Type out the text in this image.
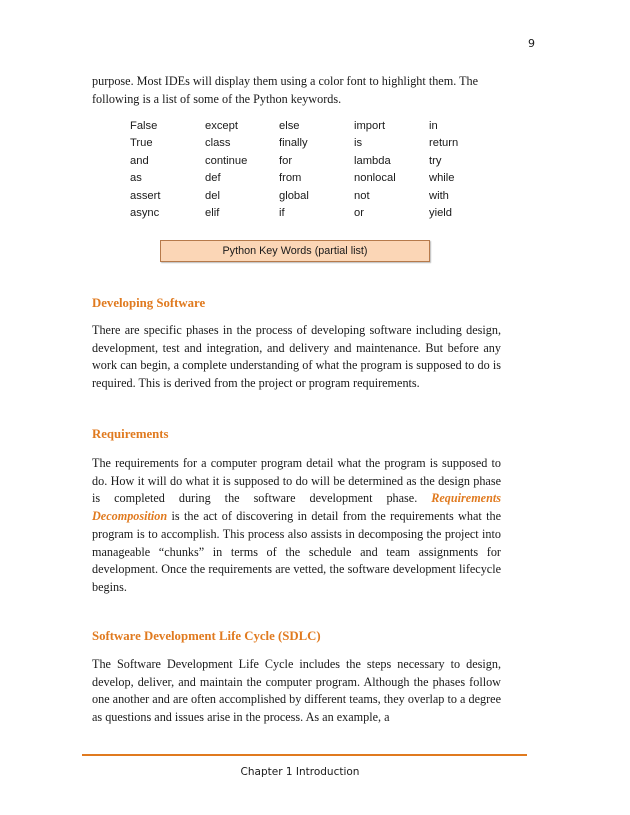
9

purpose. Most IDEs will display them using a color font to highlight them. The

following is a list of some of the Python keywords.

False	except	else	import	in
True	class	finally	is	return
and	continue	for	lambda	try
as	def	from	nonlocal	while
assert	del	global	not	with
async	elif	if	or	yield
Python Key Words (partial list)
Developing Software

There are specific phases in the process of developing software including design, development, test and integration, and delivery and maintenance. But before any work can begin, a complete understanding of what the program is supposed to do is required. This is derived from the project or program requirements.

Requirements

The requirements for a computer program detail what the program is supposed to do. How it will do what it is supposed to do will be determined as the design phase is completed during the software development phase. Requirements Decomposition is the act of discovering in detail from the requirements what the program is to accomplish. This process also assists in decomposing the project into manageable “chunks” in terms of the schedule and team assignments for development. Once the requirements are vetted, the software development lifecycle begins.

Software Development Life Cycle (SDLC)

The Software Development Life Cycle includes the steps necessary to design, develop, deliver, and maintain the computer program. Although the phases follow one another and are often accomplished by different teams, they overlap to a degree as questions and issues arise in the process. As an example, a

Chapter 1 Introduction
